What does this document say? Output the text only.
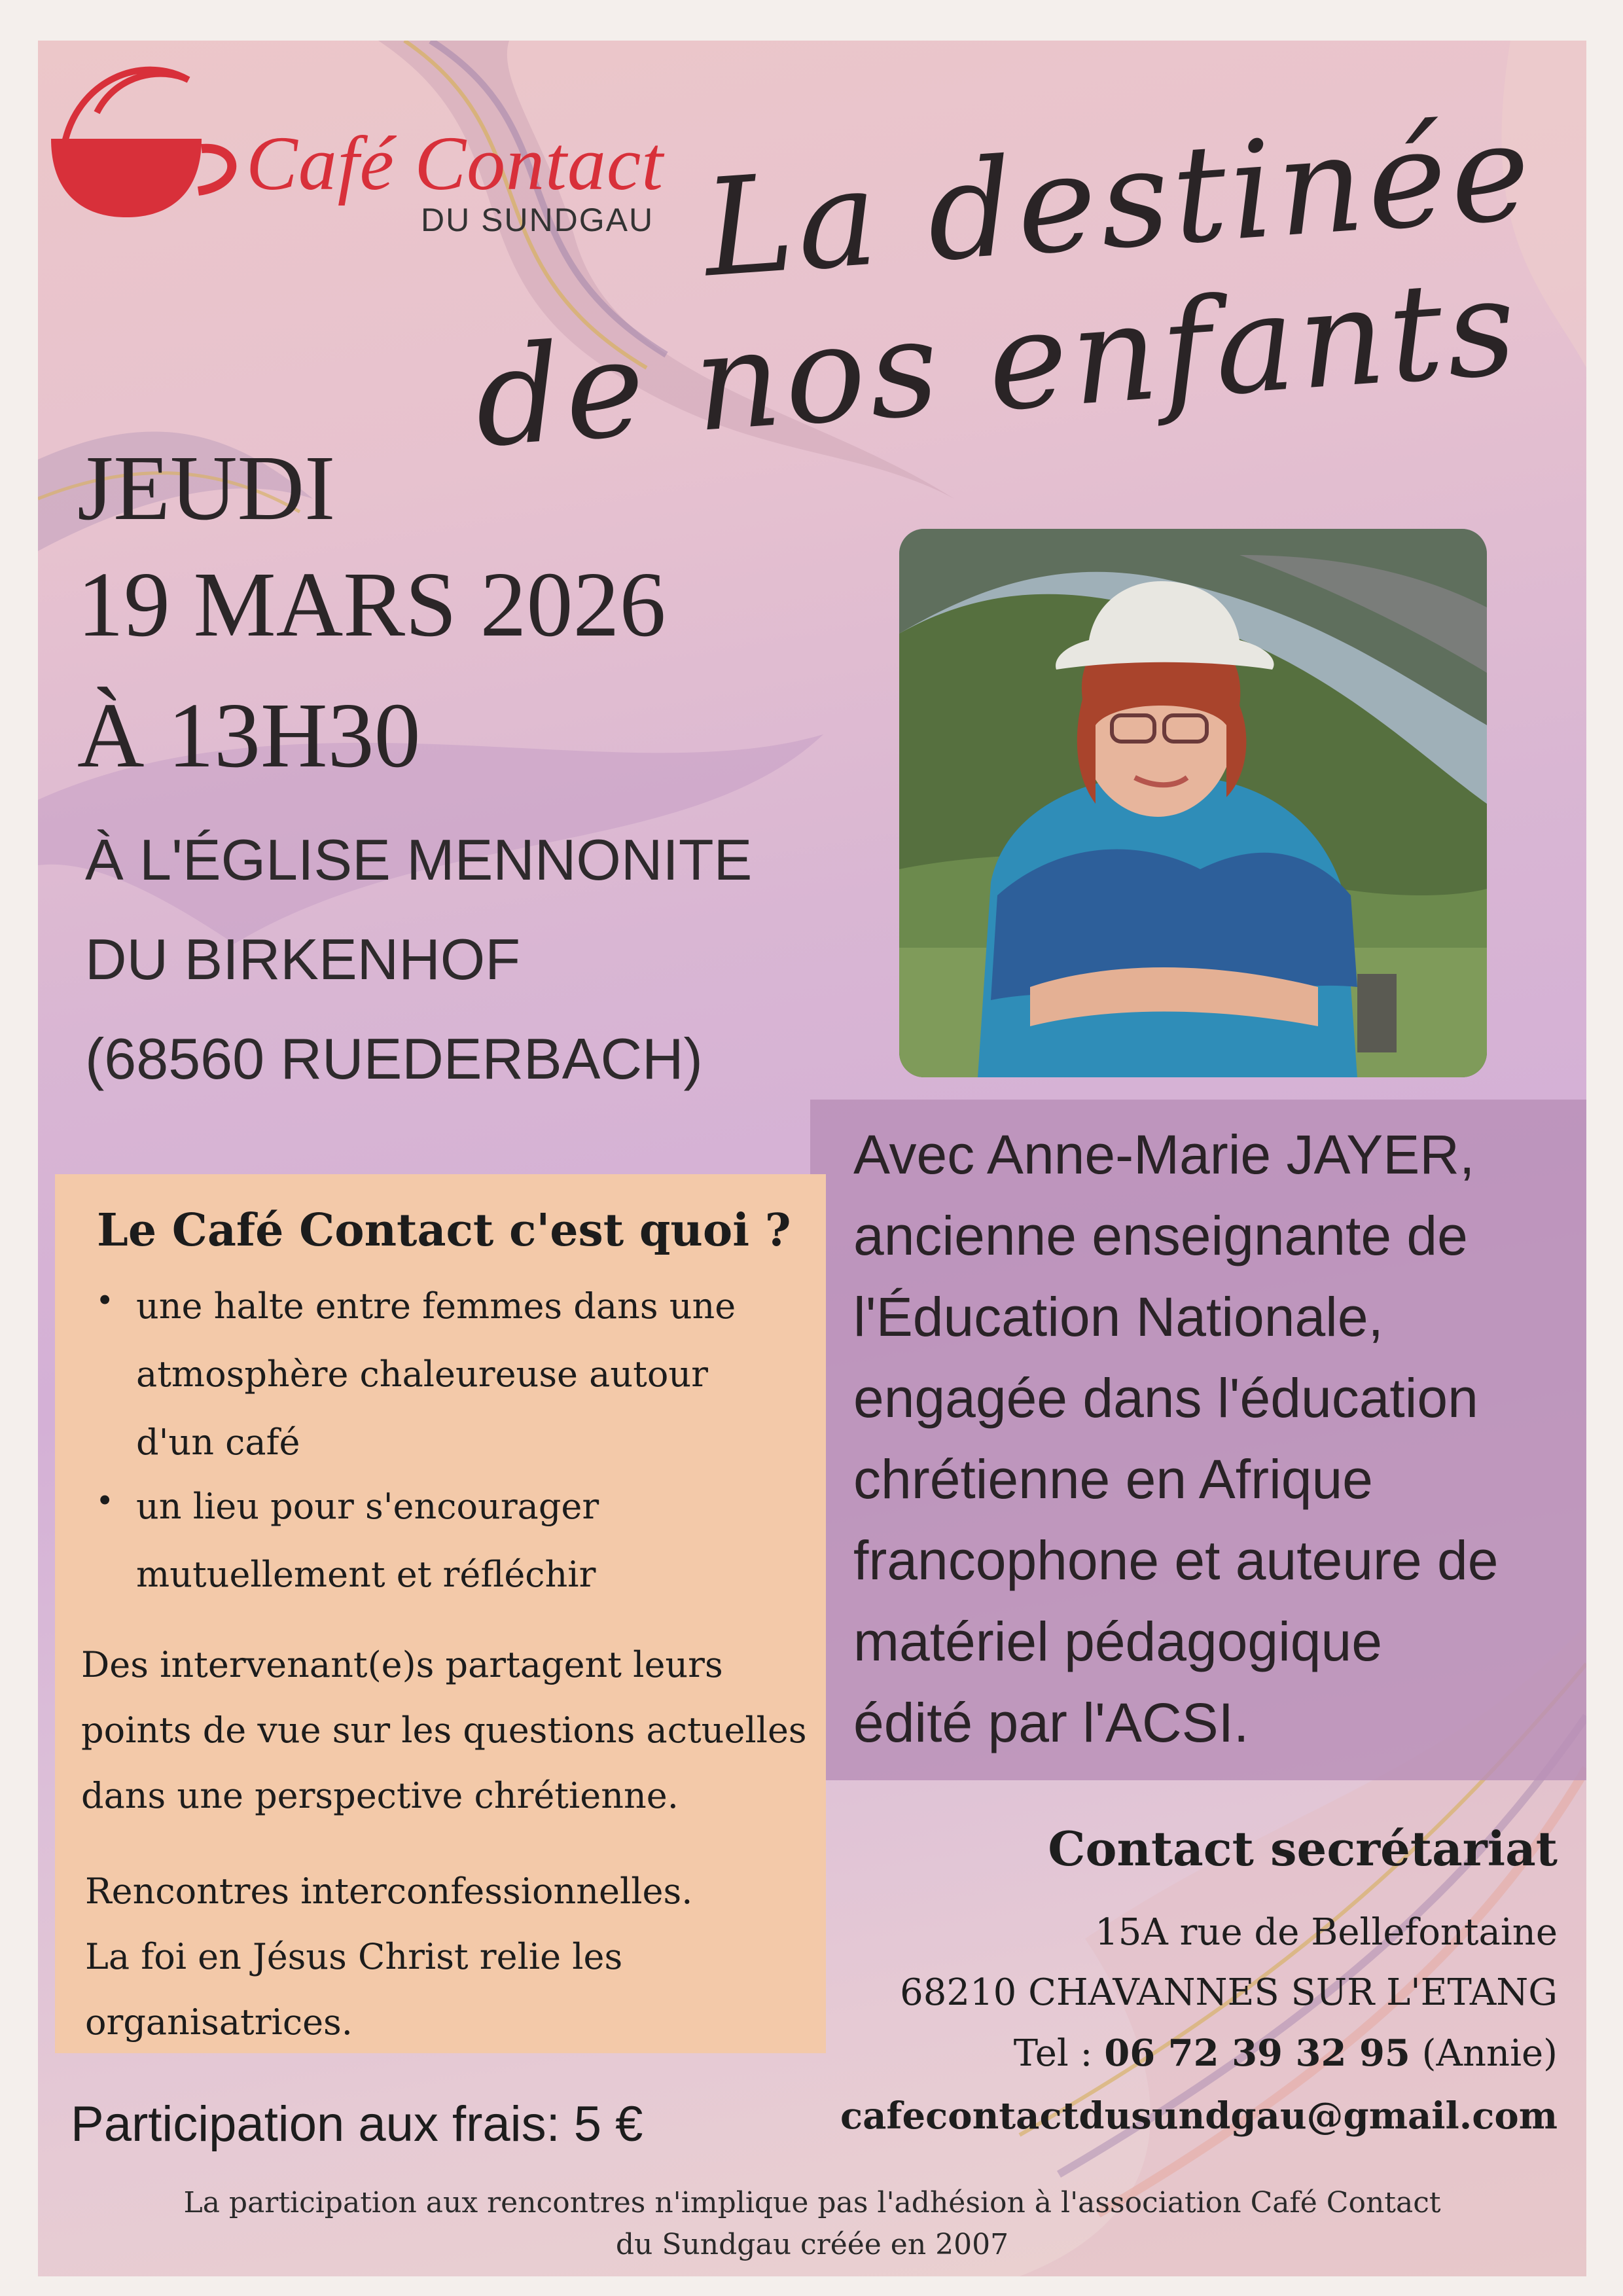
Café Contact
DU SUNDGAU La destinée
de nos enfants
JEUDI
19 MARS 2026
À 13H30
À L'ÉGLISE MENNONITE
DU BIRKENHOF
(68560 RUEDERBACH)
Avec Anne-Marie JAYER,
ancienne enseignante de
l'Éducation Nationale,
engagée dans l'éducation
chrétienne en Afrique
francophone et auteure de
matériel pédagogique
édité par l'ACSI.
Le Café Contact c'est quoi ?
• une halte entre femmes dans une
atmosphère chaleureuse autour
d'un café
• un lieu pour s'encourager
mutuellement et réfléchir
Des intervenant(e)s partagent leurs
points de vue sur les questions actuelles
dans une perspective chrétienne.
Rencontres interconfessionnelles.
La foi en Jésus Christ relie les
organisatrices.
Contact secrétariat
15A rue de Bellefontaine
68210 CHAVANNES SUR L'ETANG
Tel : 06 72 39 32 95 (Annie)
cafecontactdusundgau@gmail.com
Participation aux frais: 5 €
La participation aux rencontres n'implique pas l'adhésion à l'association Café Contact
du Sundgau créée en 2007
